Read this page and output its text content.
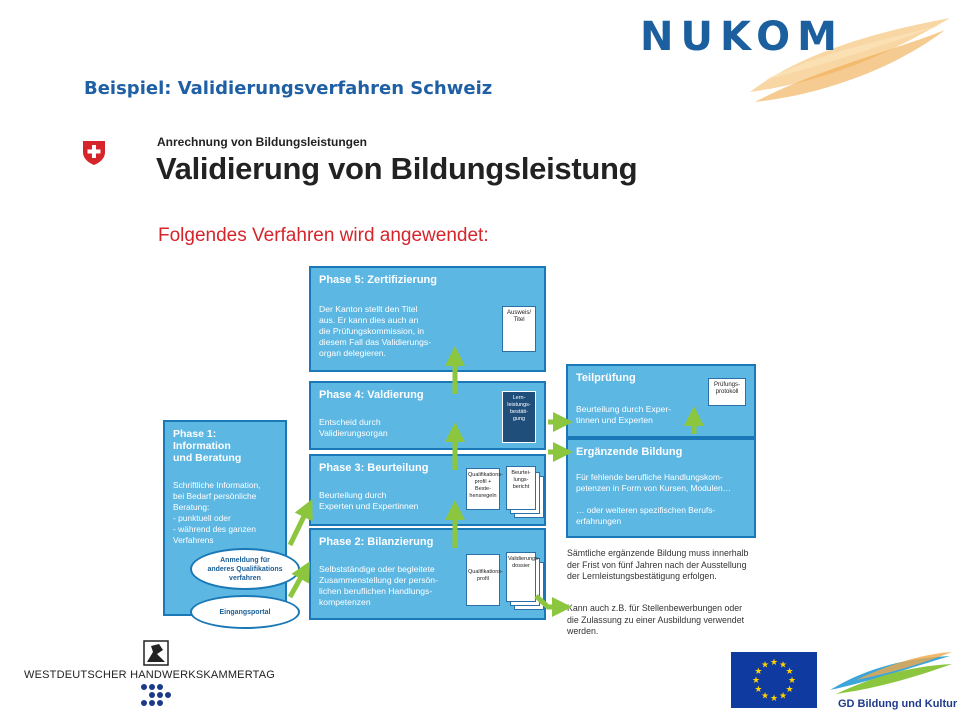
NUKOM
Beispiel: Validierungsverfahren Schweiz
Anrechnung von Bildungsleistungen
Validierung von Bildungsleistung
Folgendes Verfahren wird angewendet:
Phase 5: Zertifizierung
Der Kanton stellt den Titel
aus. Er kann dies auch an
die Prüfungskommission, in
diesem Fall das Validierungs-
organ delegieren.
Ausweis/
Titel
Phase 4: Valdierung
Entscheid durch
Validierungsorgan
Lern-
leistungs-
bestäti-
gung
Phase 3: Beurteilung
Beurteilung durch
Experten und Expertinnen
Qualifikations-
profil + Beste-
hensregeln
Beurtei-
lungs-
bericht
Phase 2: Bilanzierung
Selbstständige oder begleitete
Zusammenstellung der persön-
lichen beruflichen Handlungs-
kompetenzen
Qualifikations-
profil
Validierungs-
dossier
Phase 1:
Information
und Beratung
Schriftliche Information,
bei Bedarf persönliche
Beratung:
- punktuell oder
- während des ganzen
Verfahrens
Anmeldung für
anderes Qualifikations
verfahren
Eingangsportal
Teilprüfung
Beurteilung durch Exper-
tinnen und Experten
Prüfungs-
protokoll
Ergänzende Bildung
Für fehlende berufliche Handlungskom-
petenzen in Form von Kursen, Modulen…

… oder weiteren spezifischen Berufs-
erfahrungen
Sämtliche ergänzende Bildung muss innerhalb
der Frist von fünf Jahren nach der Ausstellung
der Lernleistungsbestätigung erfolgen.
Kann auch z.B. für Stellenbewerbungen oder
die Zulassung zu einer Ausbildung verwendet
werden.
WESTDEUTSCHER HANDWERKSKAMMERTAG	★
★
★
★
★
★
★
★
★ ★ ★
★
GD Bildung und Kultur
